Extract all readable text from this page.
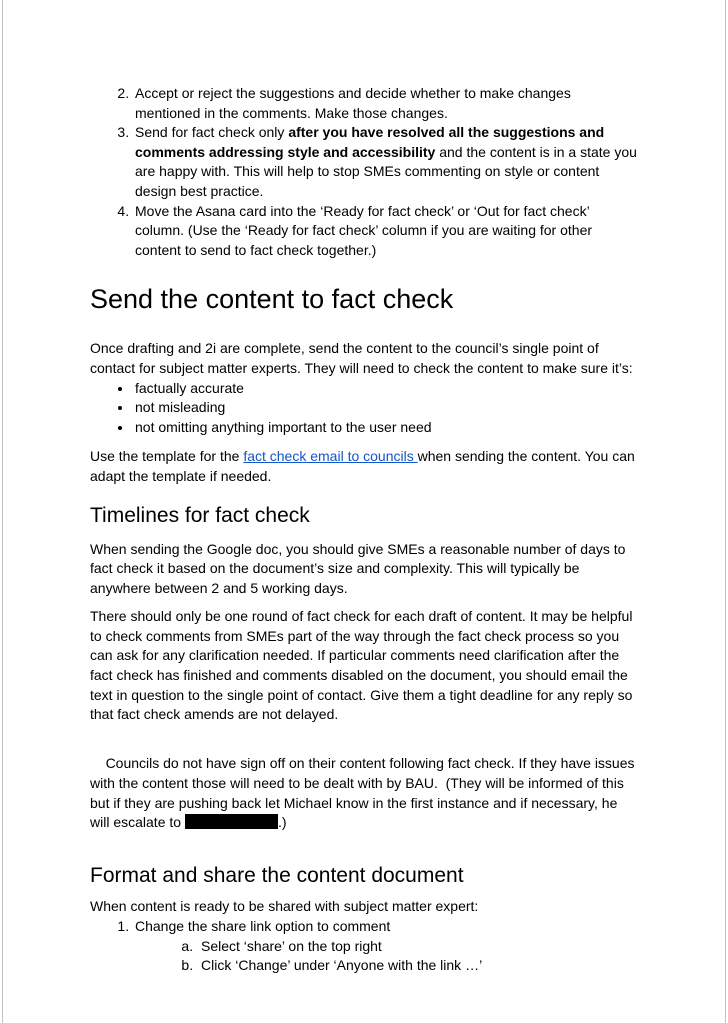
2. Accept or reject the suggestions and decide whether to make changes mentioned in the comments. Make those changes.
3. Send for fact check only after you have resolved all the suggestions and comments addressing style and accessibility and the content is in a state you are happy with. This will help to stop SMEs commenting on style or content design best practice.
4. Move the Asana card into the ‘Ready for fact check’ or ‘Out for fact check’ column. (Use the ‘Ready for fact check’ column if you are waiting for other content to send to fact check together.)
Send the content to fact check

Once drafting and 2i are complete, send the content to the council’s single point of contact for subject matter experts. They will need to check the content to make sure it’s:

• factually accurate
• not misleading
• not omitting anything important to the user need

Use the template for the fact check email to councils when sending the content. You can adapt the template if needed.

Timelines for fact check

When sending the Google doc, you should give SMEs a reasonable number of days to fact check it based on the document’s size and complexity. This will typically be anywhere between 2 and 5 working days.

There should only be one round of fact check for each draft of content. It may be helpful to check comments from SMEs part of the way through the fact check process so you can ask for any clarification needed. If particular comments need clarification after the fact check has finished and comments disabled on the document, you should email the text in question to the single point of contact. Give them a tight deadline for any reply so that fact check amends are not delayed.

Councils do not have sign off on their content following fact check. If they have issues with the content those will need to be dealt with by BAU.  (They will be informed of this but if they are pushing back let Michael know in the first instance and if necessary, he will escalate to	.)

Format and share the content document

When content is ready to be shared with subject matter expert:

1. Change the share link option to comment
a. Select ‘share’ on the top right
b. Click ‘Change’ under ‘Anyone with the link …’
